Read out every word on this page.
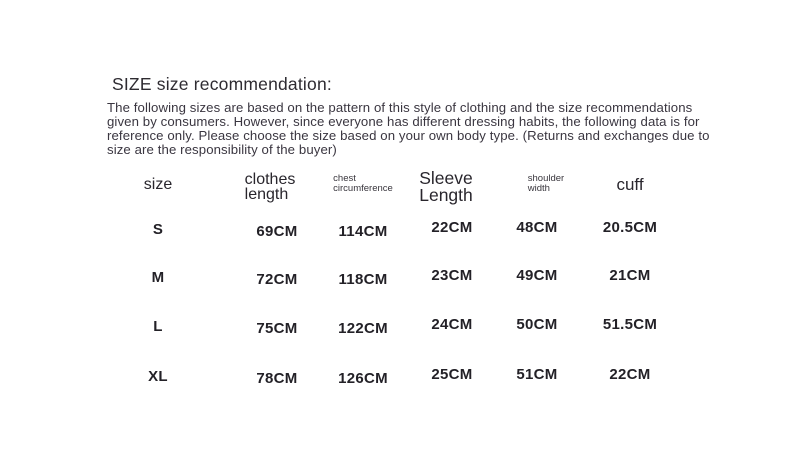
SIZE size recommendation:
The following sizes are based on the pattern of this style of clothing and the size recommendations
given by consumers. However, since everyone has different dressing habits, the following data is for
reference only. Please choose the size based on your own body type. (Returns and exchanges due to
size are the responsibility of the buyer)
size
S
M
L
XL
clothes
length
69CM
72CM
75CM
78CM
chest
circumference
114CM
118CM
122CM
126CM
Sleeve
Length
22CM
23CM
24CM
25CM
shoulder
width
48CM
49CM
50CM
51CM
cuff
20.5CM
21CM
51.5CM
22CM
